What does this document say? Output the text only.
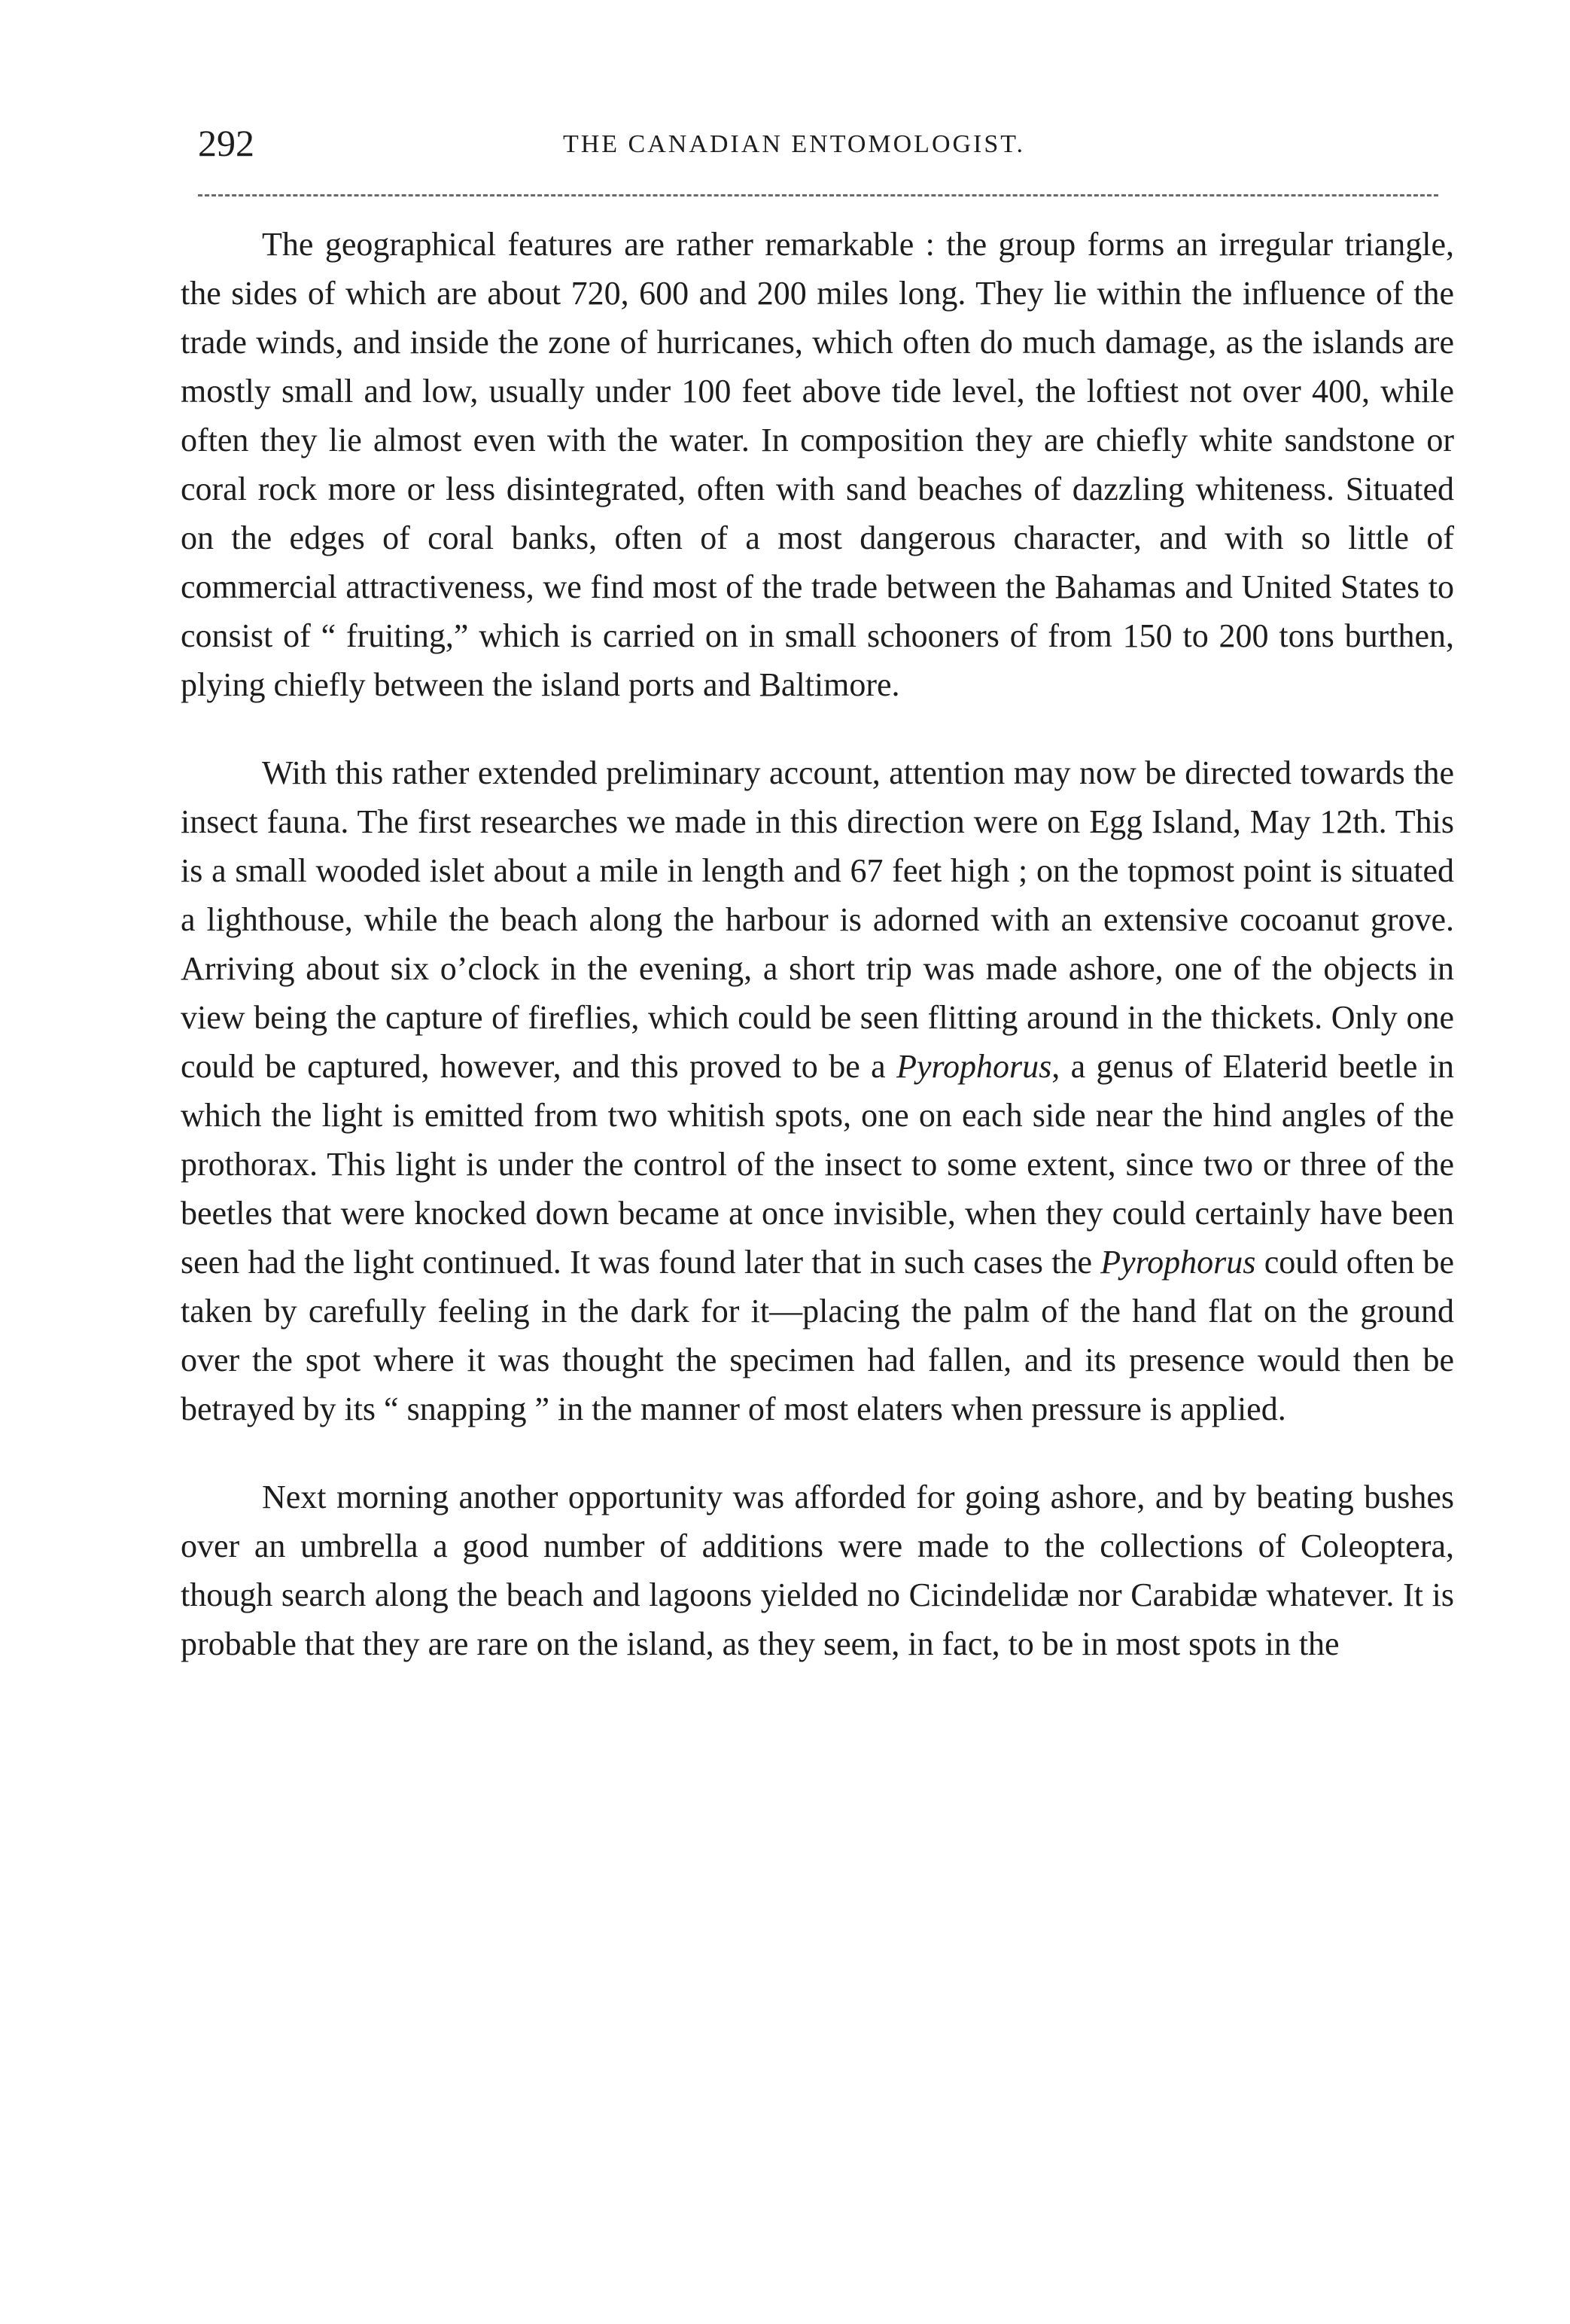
292	THE CANADIAN ENTOMOLOGIST.

The geographical features are rather remarkable : the group forms an irregular triangle, the sides of which are about 720, 600 and 200 miles long. They lie within the influence of the trade winds, and inside the zone of hurricanes, which often do much damage, as the islands are mostly small and low, usually under 100 feet above tide level, the loftiest not over 400, while often they lie almost even with the water. In composition they are chiefly white sandstone or coral rock more or less disintegrated, often with sand beaches of dazzling whiteness. Situated on the edges of coral banks, often of a most dangerous character, and with so little of commercial attractiveness, we find most of the trade between the Bahamas and United States to consist of “ fruiting,” which is carried on in small schooners of from 150 to 200 tons burthen, plying chiefly between the island ports and Baltimore.

With this rather extended preliminary account, attention may now be directed towards the insect fauna. The first researches we made in this direction were on Egg Island, May 12th. This is a small wooded islet about a mile in length and 67 feet high ; on the topmost point is situated a lighthouse, while the beach along the harbour is adorned with an extensive cocoanut grove. Arriving about six o’clock in the evening, a short trip was made ashore, one of the objects in view being the capture of fireflies, which could be seen flitting around in the thickets. Only one could be captured, however, and this proved to be a Pyrophorus, a genus of Elaterid beetle in which the light is emitted from two whitish spots, one on each side near the hind angles of the prothorax. This light is under the control of the insect to some extent, since two or three of the beetles that were knocked down became at once invisible, when they could certainly have been seen had the light continued. It was found later that in such cases the Pyrophorus could often be taken by carefully feeling in the dark for it—placing the palm of the hand flat on the ground over the spot where it was thought the specimen had fallen, and its presence would then be betrayed by its “ snapping ” in the manner of most elaters when pressure is applied.

Next morning another opportunity was afforded for going ashore, and by beating bushes over an umbrella a good number of additions were made to the collections of Coleoptera, though search along the beach and lagoons yielded no Cicindelidæ nor Carabidæ whatever. It is probable that they are rare on the island, as they seem, in fact, to be in most spots in the
